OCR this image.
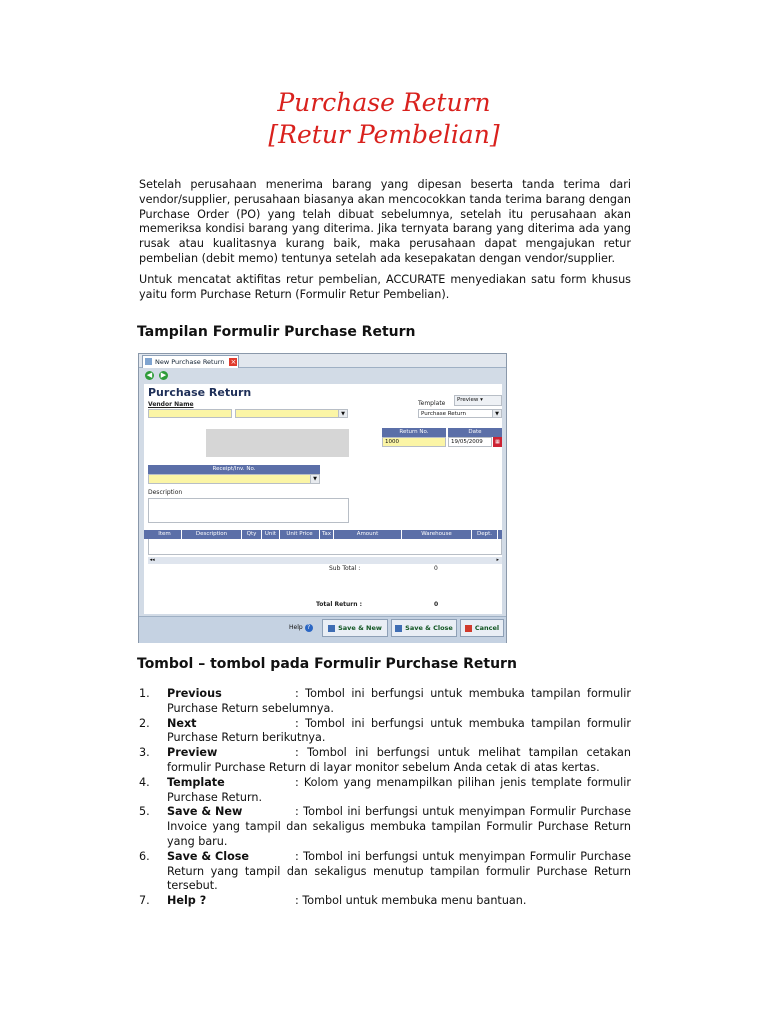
Purchase Return
[Retur Pembelian]

Setelah perusahaan menerima barang yang dipesan beserta tanda terima dari vendor/supplier, perusahaan biasanya akan mencocokkan tanda terima barang dengan Purchase Order (PO) yang telah dibuat sebelumnya, setelah itu perusahaan akan memeriksa kondisi barang yang diterima. Jika ternyata barang yang diterima ada yang rusak atau kualitasnya kurang baik, maka perusahaan dapat mengajukan retur pembelian (debit memo) tentunya setelah ada kesepakatan dengan vendor/supplier.

Untuk mencatat aktifitas retur pembelian, ACCURATE menyediakan satu form khusus yaitu form Purchase Return (Formulir Retur Pembelian).

Tampilan Formulir Purchase Return
New Purchase Return ×
◀ ▶
Purchase Return
Vendor Name
▼
Template	Preview ▾
Purchase Return	▼
Return No.	Date
1000	19/05/2009	▦
Receipt/Inv. No.
▼
Description
Item	Description	Qty	Unit	Unit Price	Tax	Amount	Warehouse	Dept.
◂◂	▸
Sub Total :	0
Total Return :	0
Help ?	Save & New	Save & Close	Cancel
Tombol – tombol pada Formulir Purchase Return
1. Previous	: Tombol ini berfungsi untuk membuka tampilan formulir Purchase Return sebelumnya.
2. Next	: Tombol ini berfungsi untuk membuka tampilan formulir Purchase Return berikutnya.
3. Preview	: Tombol ini berfungsi untuk melihat tampilan cetakan formulir Purchase Return di layar monitor sebelum Anda cetak di atas kertas.
4. Template	: Kolom yang menampilkan pilihan jenis template formulir Purchase Return.
5. Save & New	: Tombol ini berfungsi untuk menyimpan Formulir Purchase Invoice yang tampil dan sekaligus membuka tampilan Formulir Purchase Return yang baru.
6. Save & Close	: Tombol ini berfungsi untuk menyimpan Formulir Purchase Return yang tampil dan sekaligus menutup tampilan formulir Purchase Return tersebut.
7. Help ?	: Tombol untuk membuka menu bantuan.
